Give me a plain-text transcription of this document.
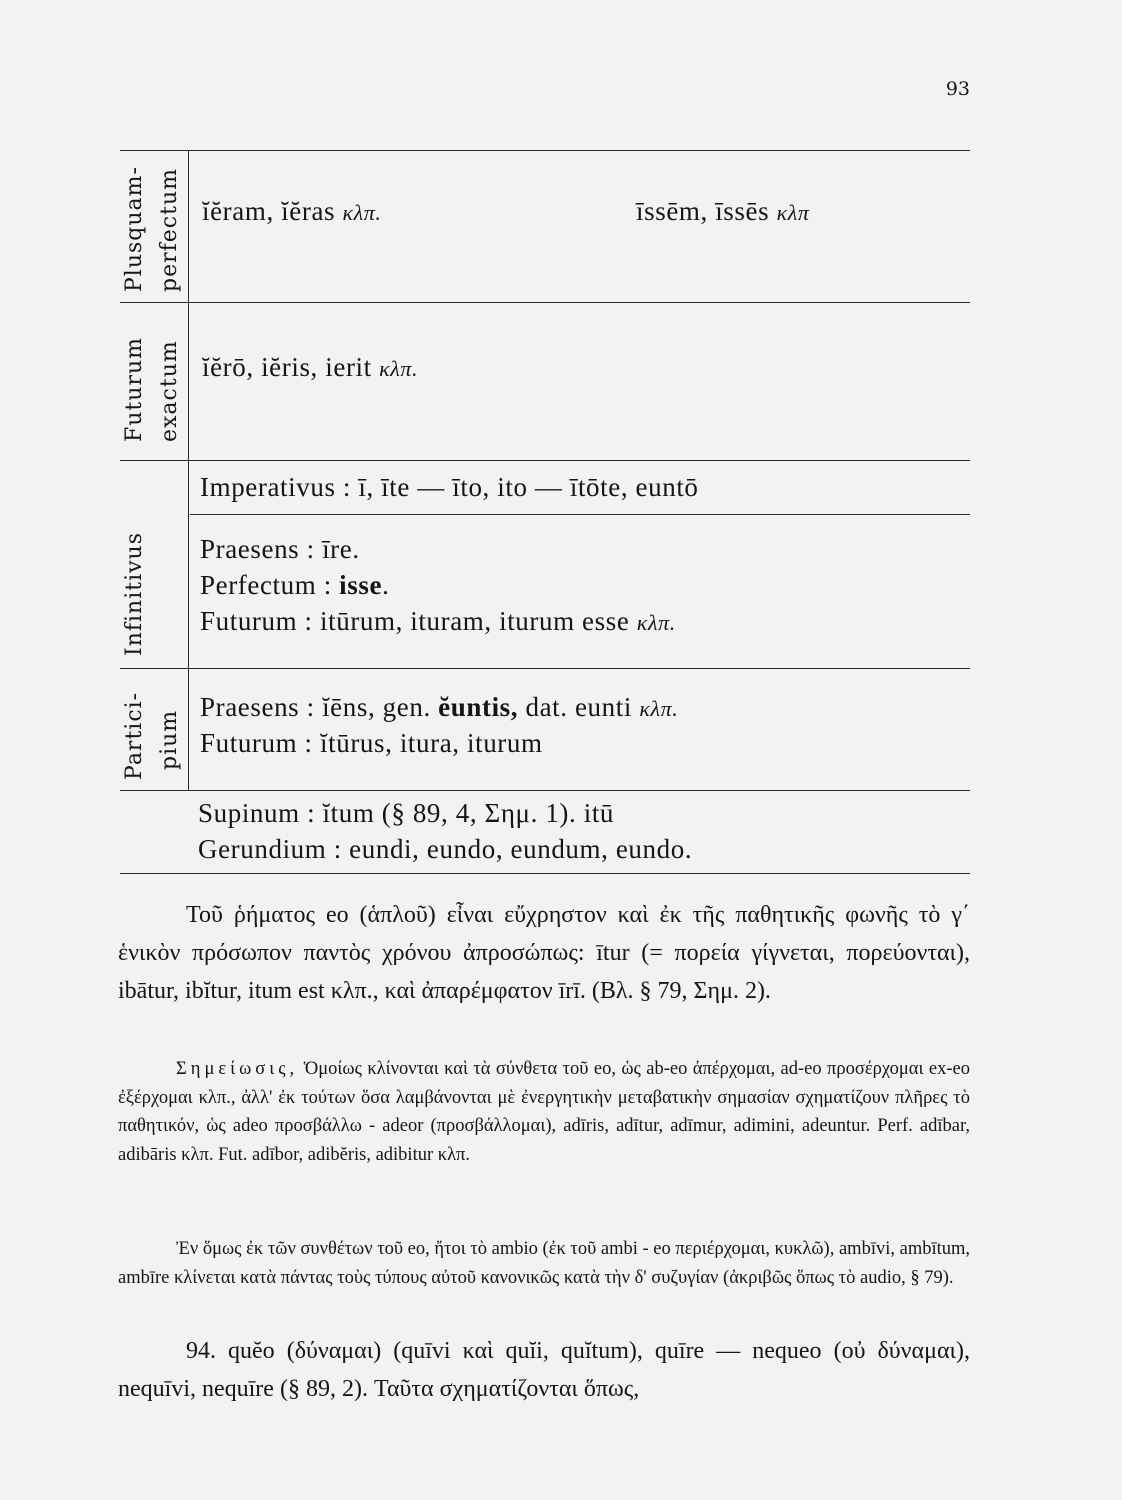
93
Plusquam- perfectum
Futurum exactum
Infinitivus
Partici- pium
ĭĕram, ĭĕras κλπ.	īssēm, īssēs κλπ
ĭĕrō, iĕris, ierit κλπ.
Imperativus : ī, īte — īto, ito — ītōte, euntō
Praesens : īre.
Perfectum : isse.
Futurum : itūrum, ituram, iturum esse κλπ.
Praesens : ĭēns, gen. ĕuntis, dat. eunti κλπ.
Futurum : ĭtūrus, itura, iturum
Supinum : ĭtum (§ 89, 4, Σημ. 1). itū
Gerundium : eundi, eundo, eundum, eundo.
Τοῦ ῥήματος eo (ἁπλοῦ) εἶναι εὔχρηστον καὶ ἐκ τῆς παθητικῆς φωνῆς τὸ γ΄ ἑνικὸν πρόσωπον παντὸς χρόνου ἀπροσώπως: ītur (= πορεία γίγνεται, πορεύονται), ibātur, ibĭtur, itum est κλπ., καὶ ἀπαρέμφατον īrī. (Βλ. § 79, Σημ. 2).
Σημείωσις, Ὁμοίως κλίνονται καὶ τὰ σύνθετα τοῦ eo, ὡς ab-eo ἀπέρχομαι, ad-eo προσέρχομαι ex-eo ἐξέρχομαι κλπ., ἀλλ' ἐκ τούτων ὅσα λαμβάνονται μὲ ἐνεργητικὴν μεταβατικὴν σημασίαν σχηματίζουν πλῆρες τὸ παθητικόν, ὡς adeo προσβάλλω - adeor (προσβάλλομαι), adīris, adītur, adīmur, adimini, adeuntur. Perf. adībar, adibāris κλπ. Fut. adībor, adibĕris, adibitur κλπ.
Ἐν ὅμως ἐκ τῶν συνθέτων τοῦ eo, ἤτοι τὸ ambio (ἐκ τοῦ ambi - eo περιέρχομαι, κυκλῶ), ambīvi, ambītum, ambīre κλίνεται κατὰ πάντας τοὺς τύπους αὐτοῦ κανονικῶς κατὰ τὴν δ' συζυγίαν (ἀκριβῶς ὅπως τὸ audio, § 79).
94. quĕo (δύναμαι) (quīvi καὶ quĭi, quĭtum), quīre — nequeo (οὐ δύναμαι), nequīvi, nequīre (§ 89, 2). Ταῦτα σχηματίζονται ὅπως,
